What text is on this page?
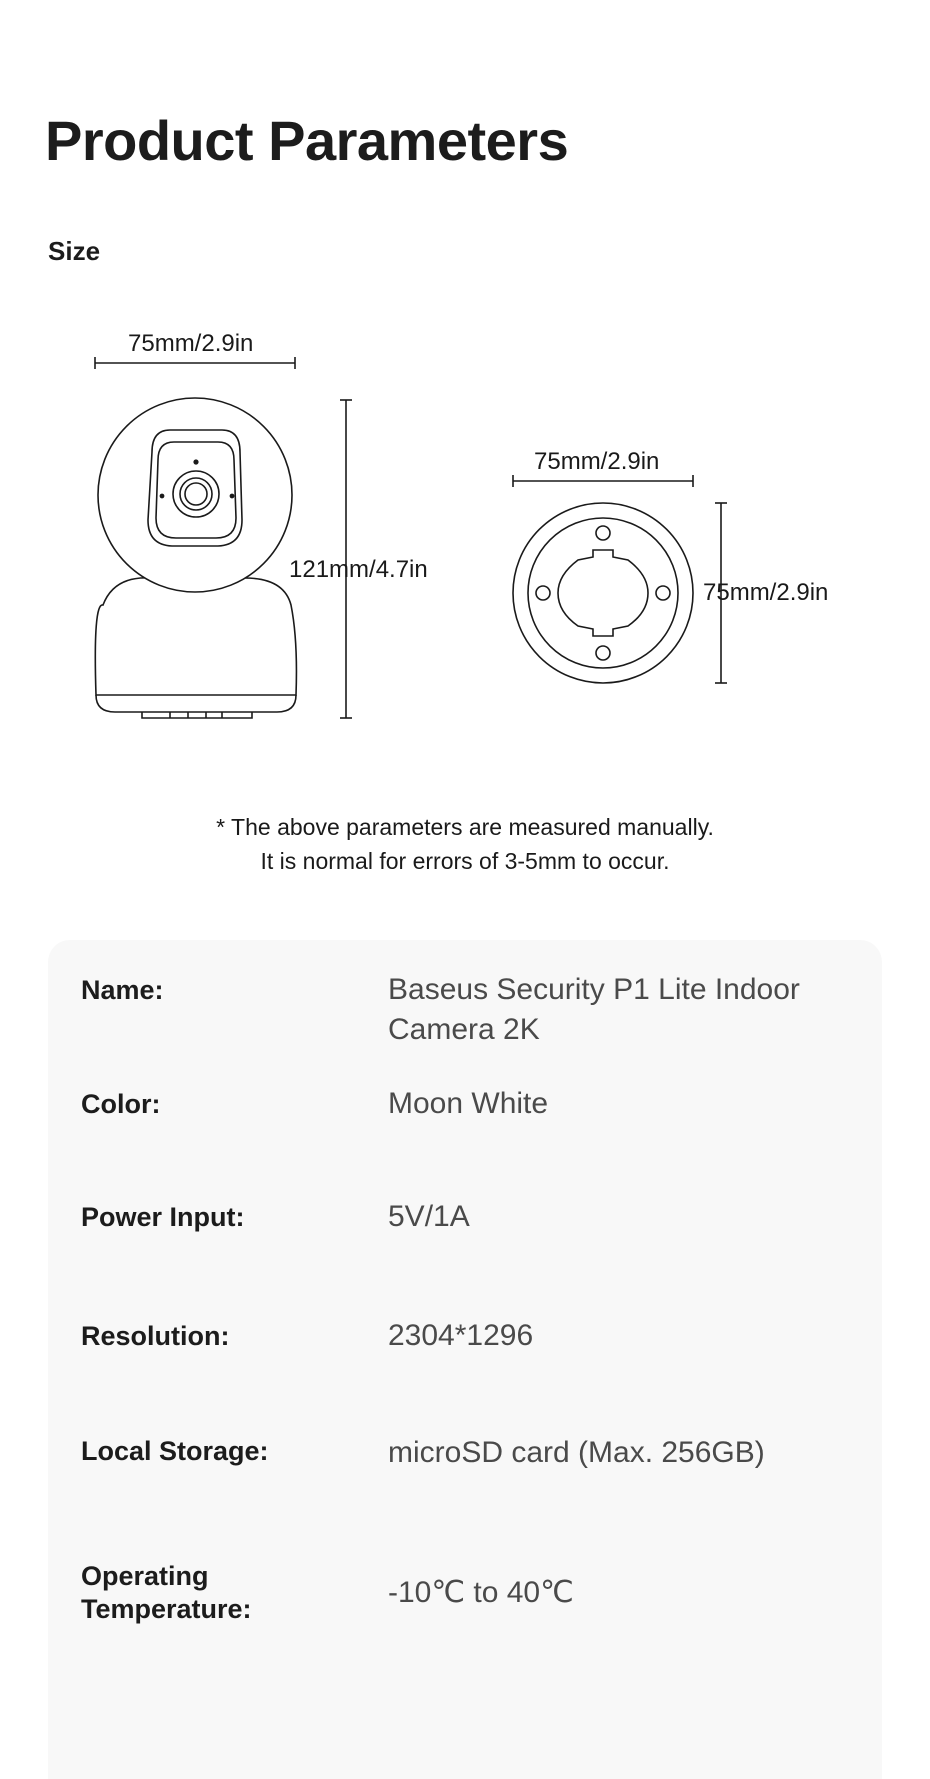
Product Parameters
Size
75mm/2.9in
121mm/4.7in
75mm/2.9in
75mm/2.9in
* The above parameters are measured manually.
It is normal for errors of 3-5mm to occur.
Name:	Baseus Security P1 Lite Indoor Camera 2K
Color:	Moon White
Power Input:	5V/1A
Resolution:	2304*1296
Local Storage:	microSD card (Max. 256GB)
Operating Temperature:	-10℃ to 40℃
